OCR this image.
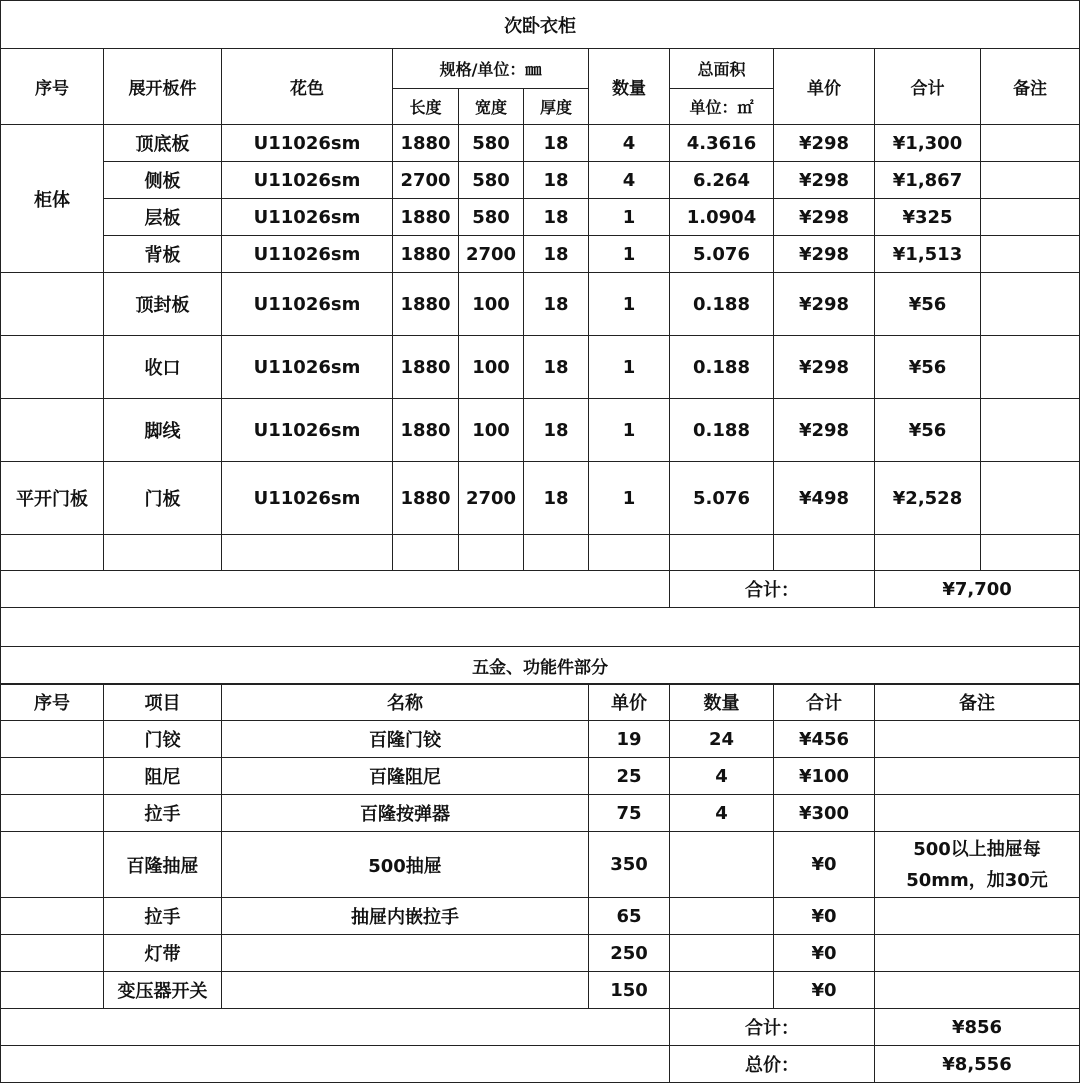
次卧衣柜										
序号	展开板件	花色	规格/单位：㎜			数量	总面积	单价	合计	备注
			长度	宽度	厚度		单位：㎡			
柜体	顶底板	U11026sm	1880	580	18	4	4.3616	¥298	¥1,300	
	侧板	U11026sm	2700	580	18	4	6.264	¥298	¥1,867	
	层板	U11026sm	1880	580	18	1	1.0904	¥298	¥325	
	背板	U11026sm	1880	2700	18	1	5.076	¥298	¥1,513	
	顶封板	U11026sm	1880	100	18	1	0.188	¥298	¥56	
	收口	U11026sm	1880	100	18	1	0.188	¥298	¥56	
	脚线	U11026sm	1880	100	18	1	0.188	¥298	¥56	
平开门板	门板	U11026sm	1880	2700	18	1	5.076	¥498	¥2,528	

							合计：		¥7,700	

五金、功能件部分										
序号	项目	名称	单价	数量	合计	备注
	门铰	百隆门铰	19	24	¥456	
	阻尼	百隆阻尼	25	4	¥100	
	拉手	百隆按弹器	75	4	¥300	
	百隆抽屉	500抽屉	350		¥0	500以上抽屉每50mm，加30元
	拉手	抽屉内嵌拉手	65		¥0	
	灯带		250		¥0	
	变压器开关		150		¥0	
				合计：		¥856
				总价：		¥8,556
